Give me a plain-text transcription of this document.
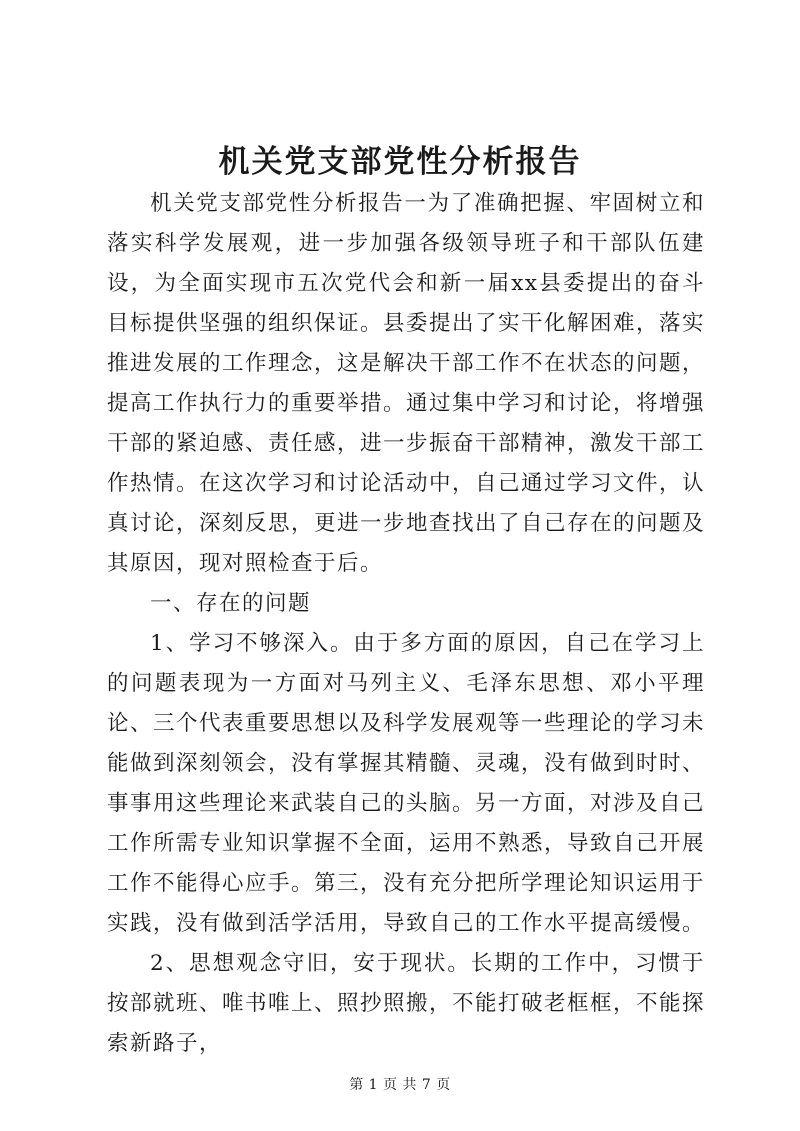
机关党支部党性分析报告

机关党支部党性分析报告一为了准确把握、牢固树立和落实科学发展观，进一步加强各级领导班子和干部队伍建设，为全面实现市五次党代会和新一届xx县委提出的奋斗目标提供坚强的组织保证。县委提出了实干化解困难，落实推进发展的工作理念，这是解决干部工作不在状态的问题，提高工作执行力的重要举措。通过集中学习和讨论，将增强干部的紧迫感、责任感，进一步振奋干部精神，激发干部工作热情。在这次学习和讨论活动中，自己通过学习文件，认真讨论，深刻反思，更进一步地查找出了自己存在的问题及其原因，现对照检查于后。

一、存在的问题

1、学习不够深入。由于多方面的原因，自己在学习上的问题表现为一方面对马列主义、毛泽东思想、邓小平理论、三个代表重要思想以及科学发展观等一些理论的学习未能做到深刻领会，没有掌握其精髓、灵魂，没有做到时时、事事用这些理论来武装自己的头脑。另一方面，对涉及自己工作所需专业知识掌握不全面，运用不熟悉，导致自己开展工作不能得心应手。第三，没有充分把所学理论知识运用于实践，没有做到活学活用，导致自己的工作水平提高缓慢。

2、思想观念守旧，安于现状。长期的工作中，习惯于按部就班、唯书唯上、照抄照搬，不能打破老框框，不能探索新路子，

第 1 页 共 7 页
